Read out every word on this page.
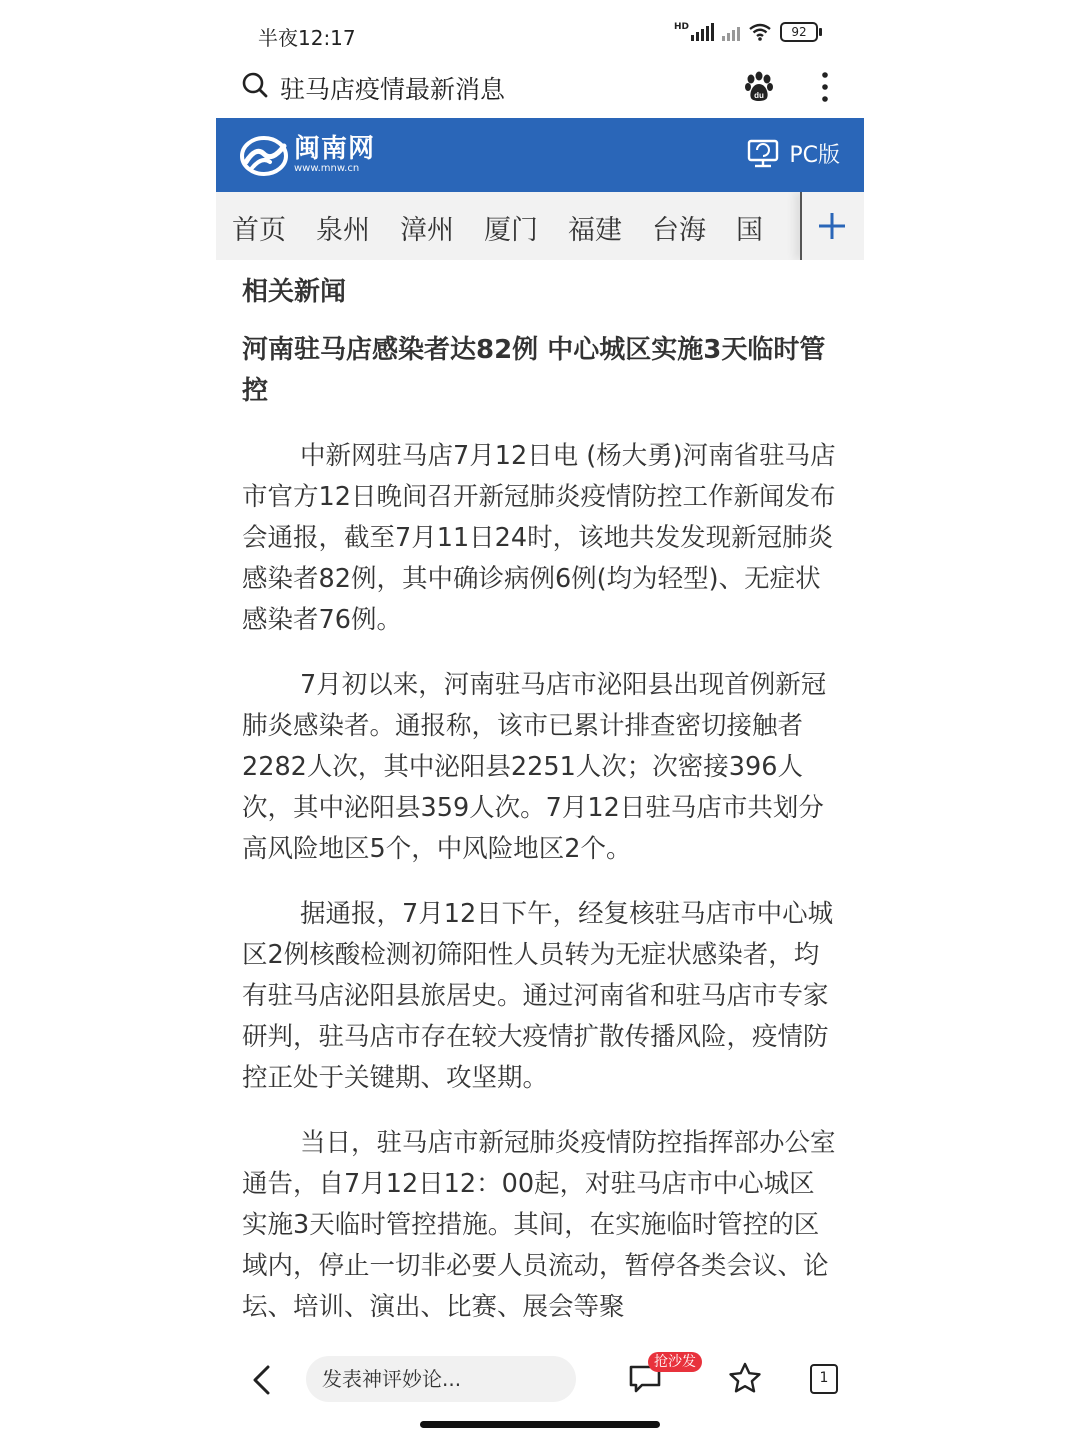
半夜12:17	HD	92
驻马店疫情最新消息	du
闽南网
www.mnw.cn
PC版
首页 泉州 漳州 厦门 福建 台海 国
相关新闻
河南驻马店感染者达82例 中心城区实施3天临时管控

中新网驻马店7月12日电 (杨大勇)河南省驻马店市官方12日晚间召开新冠肺炎疫情防控工作新闻发布会通报，截至7月11日24时，该地共发发现新冠肺炎感染者82例，其中确诊病例6例(均为轻型)、无症状感染者76例。

7月初以来，河南驻马店市泌阳县出现首例新冠肺炎感染者。通报称，该市已累计排查密切接触者2282人次，其中泌阳县2251人次；次密接396人次，其中泌阳县359人次。7月12日驻马店市共划分高风险地区5个，中风险地区2个。

据通报，7月12日下午，经复核驻马店市中心城区2例核酸检测初筛阳性人员转为无症状感染者，均有驻马店泌阳县旅居史。通过河南省和驻马店市专家研判，驻马店市存在较大疫情扩散传播风险，疫情防控正处于关键期、攻坚期。

当日，驻马店市新冠肺炎疫情防控指挥部办公室通告，自7月12日12：00起，对驻马店市中心城区实施3天临时管控措施。其间，在实施临时管控的区域内，停止一切非必要人员流动，暂停各类会议、论坛、培训、演出、比赛、展会等聚

发表神评妙论...
抢沙发
1
